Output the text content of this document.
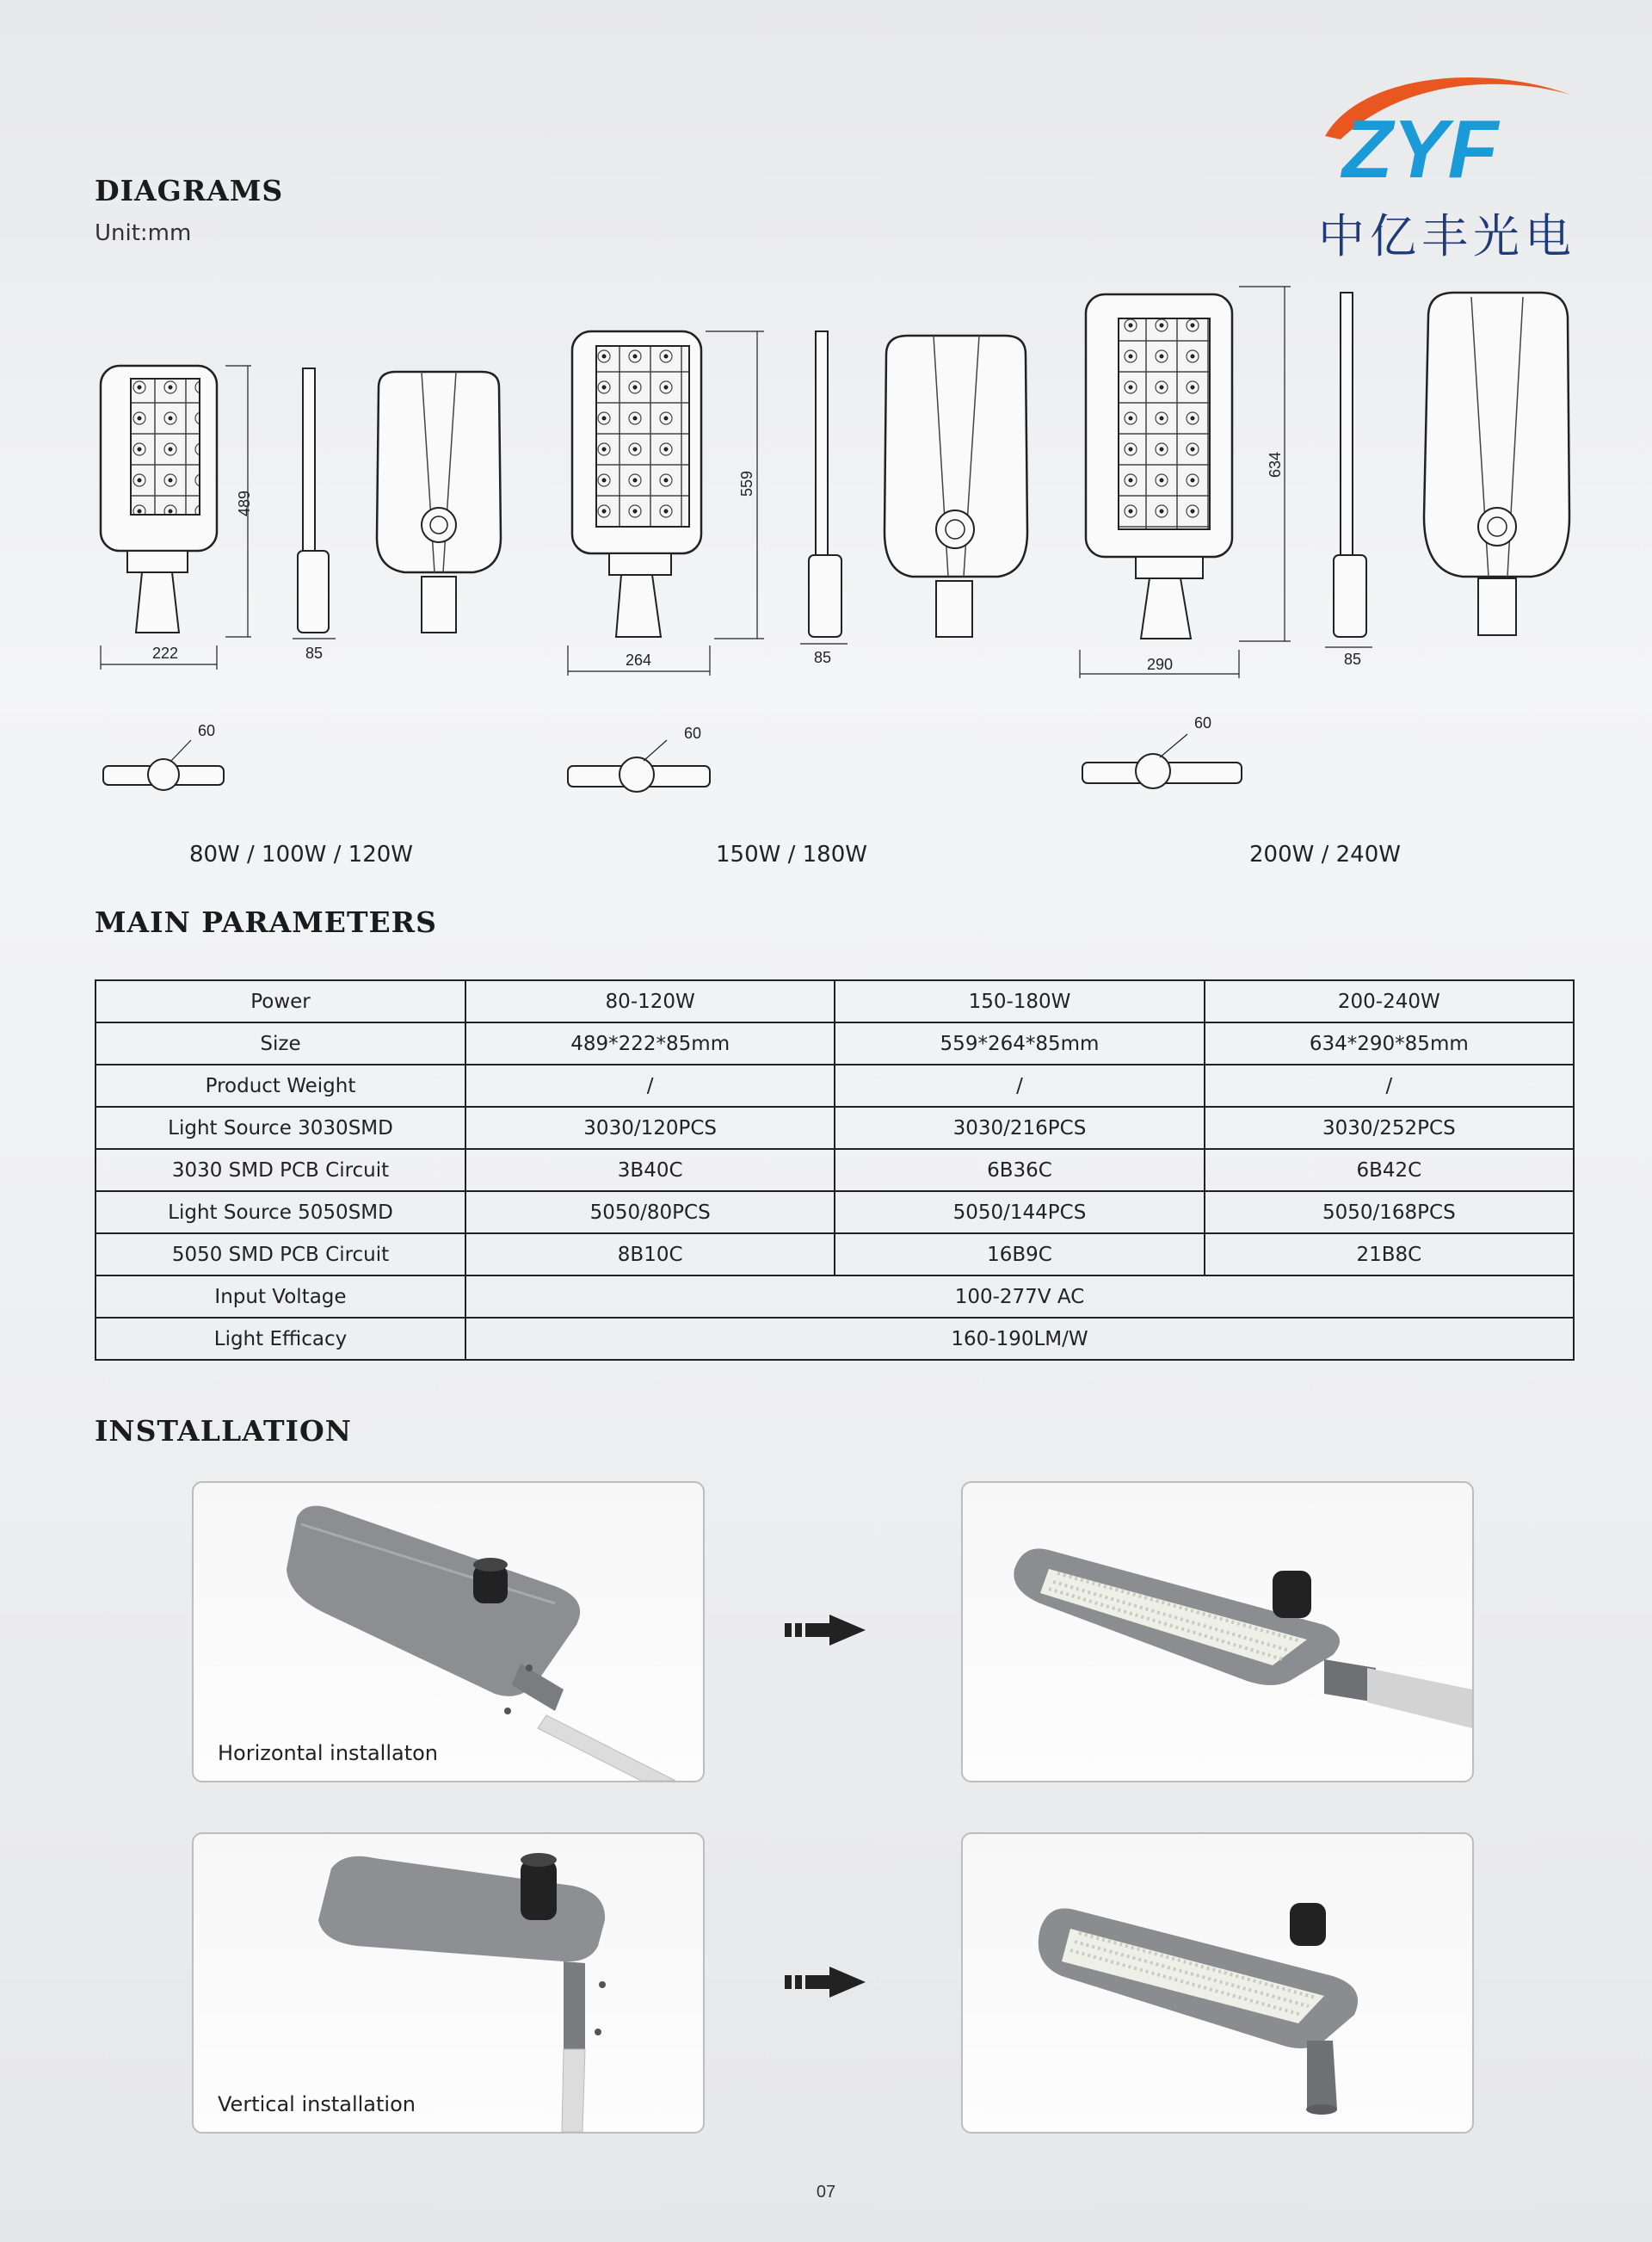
ZYF
中亿丰光电
DIAGRAMS
Unit:mm
489
222	85
60
559
264	85
60
634
290	85
60
80W / 100W / 120W	150W / 180W	200W / 240W
MAIN PARAMETERS
Power	80-120W	150-180W	200-240W
Size	489*222*85mm	559*264*85mm	634*290*85mm
Product Weight	/	/	/
Light Source 3030SMD	3030/120PCS	3030/216PCS	3030/252PCS
3030 SMD PCB Circuit	3B40C	6B36C	6B42C
Light Source 5050SMD	5050/80PCS	5050/144PCS	5050/168PCS
5050 SMD PCB Circuit	8B10C	16B9C	21B8C
Input Voltage	100-277V AC		
Light Efficacy	160-190LM/W		
INSTALLATION
Horizontal installaton
Vertical installation
07
